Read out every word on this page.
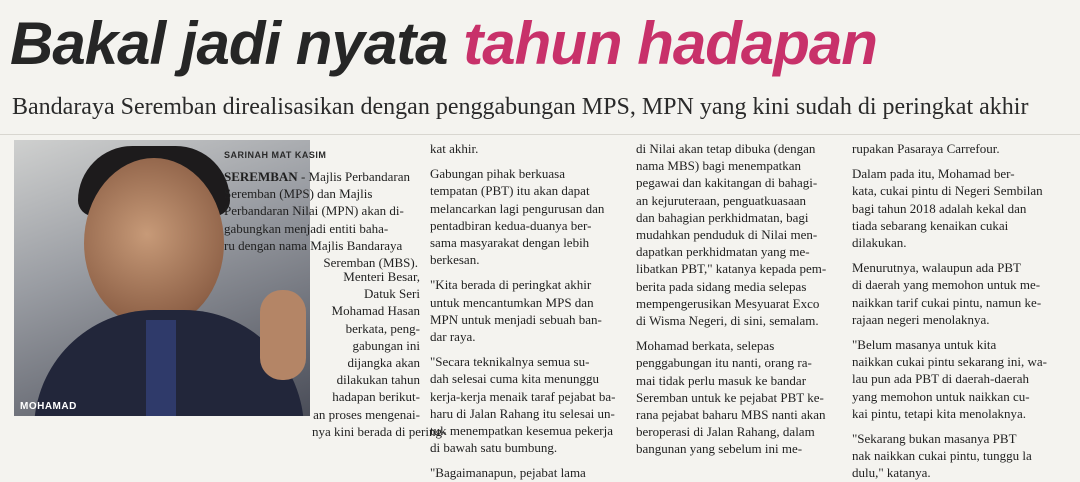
Bakal jadi nyata tahun hadapan
Bandaraya Seremban direalisasikan dengan penggabungan MPS, MPN yang kini sudah di peringkat akhir
MOHAMAD
SARINAH MAT KASIM
SEREMBAN - Majlis Perbandaran
Seremban (MPS) dan Majlis
Perbandaran Nilai (MPN) akan di-
gabungkan menjadi entiti baha-
ru dengan nama Majlis Bandaraya
Seremban (MBS).
Menteri Besar,
Datuk Seri
Mohamad Hasan
berkata, peng-
gabungan ini
dijangka akan
dilakukan tahun
hadapan berikut-
an proses mengenai-
nya kini berada di pering-
kat akhir.
Gabungan pihak berkuasa
tempatan (PBT) itu akan dapat
melancarkan lagi pengurusan dan
pentadbiran kedua-duanya ber-
sama masyarakat dengan lebih
berkesan.
"Kita berada di peringkat akhir
untuk mencantumkan MPS dan
MPN untuk menjadi sebuah ban-
dar raya.
"Secara teknikalnya semua su-
dah selesai cuma kita menunggu
kerja-kerja menaik taraf pejabat ba-
haru di Jalan Rahang itu selesai un-
tuk menempatkan kesemua pekerja
di bawah satu bumbung.
"Bagaimanapun, pejabat lama
di Nilai akan tetap dibuka (dengan
nama MBS) bagi menempatkan
pegawai dan kakitangan di bahagi-
an kejuruteraan, penguatkuasaan
dan bahagian perkhidmatan, bagi
mudahkan penduduk di Nilai men-
dapatkan perkhidmatan yang me-
libatkan PBT," katanya kepada pem-
berita pada sidang media selepas
mempengerusikan Mesyuarat Exco
di Wisma Negeri, di sini, semalam.
Mohamad berkata, selepas
penggabungan itu nanti, orang ra-
mai tidak perlu masuk ke bandar
Seremban untuk ke pejabat PBT ke-
rana pejabat baharu MBS nanti akan
beroperasi di Jalan Rahang, dalam
bangunan yang sebelum ini me-
rupakan Pasaraya Carrefour.
Dalam pada itu, Mohamad ber-
kata, cukai pintu di Negeri Sembilan
bagi tahun 2018 adalah kekal dan
tiada sebarang kenaikan cukai
dilakukan.
Menurutnya, walaupun ada PBT
di daerah yang memohon untuk me-
naikkan tarif cukai pintu, namun ke-
rajaan negeri menolaknya.
"Belum masanya untuk kita
naikkan cukai pintu sekarang ini, wa-
lau pun ada PBT di daerah-daerah
yang memohon untuk naikkan cu-
kai pintu, tetapi kita menolaknya.
"Sekarang bukan masanya PBT
nak naikkan cukai pintu, tunggu la
dulu," katanya.
